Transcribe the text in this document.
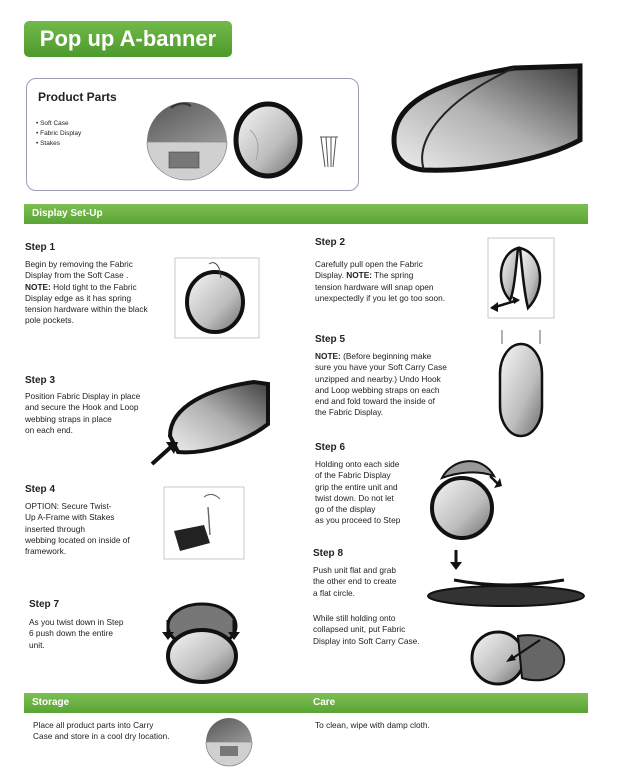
Pop up A-banner
Product Parts
• Soft Case
• Fabric Display
• Stakes
Display Set-Up
Step 1
Begin by removing the Fabric
Display from the Soft Case .
NOTE: Hold tight to the Fabric
Display edge as it has spring
tension hardware within the black
pole pockets.
Step 3
Position Fabric Display in place
and secure the Hook and Loop
webbing straps in place
on each end.
Step 4
OPTION: Secure Twist-
Up A-Frame with Stakes
inserted through
webbing located on inside of
framework.
Step 7
As you twist down in Step
6 push down the entire
unit.
Step 2
Carefully pull open the Fabric
Display. NOTE: The spring
tension hardware will snap open
unexpectedly if you let go too soon.
Step 5
NOTE: (Before beginning make
sure you have your Soft Carry Case
unzipped and nearby.) Undo Hook
and Loop webbing straps on each
end and fold toward the inside of
the Fabric Display.
Step 6
Holding onto each side
of the Fabric Display
grip the entire unit and
twist down. Do not let
go of the display
as you proceed to Step
Step 8
Push unit flat and grab
the other end to create
a flat circle.
While still holding onto
collapsed unit, put Fabric
Display into Soft Carry Case.
Storage	Care
Place all product parts into Carry
Case and store in a cool dry location.
To clean, wipe with damp cloth.
